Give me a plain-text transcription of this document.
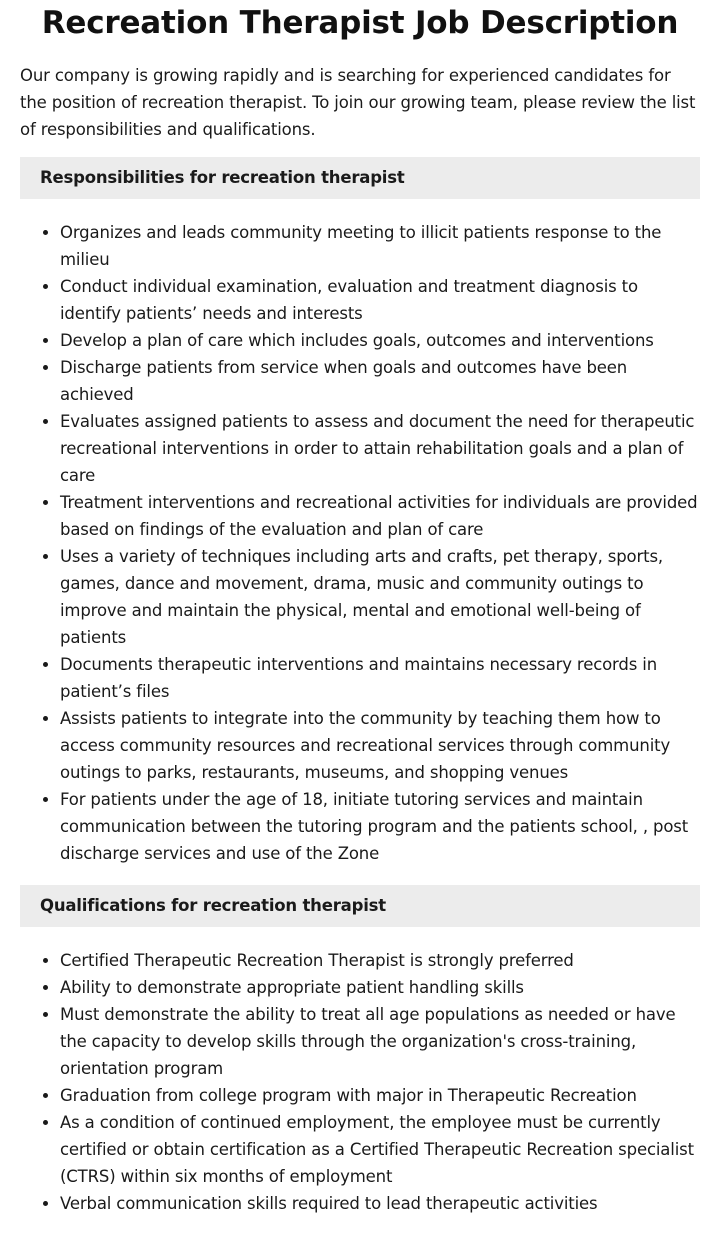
Recreation Therapist Job Description

Our company is growing rapidly and is searching for experienced candidates for the position of recreation therapist. To join our growing team, please review the list of responsibilities and qualifications.

Responsibilities for recreation therapist
• Organizes and leads community meeting to illicit patients response to the milieu
• Conduct individual examination, evaluation and treatment diagnosis to identify patients’ needs and interests
• Develop a plan of care which includes goals, outcomes and interventions
• Discharge patients from service when goals and outcomes have been achieved
• Evaluates assigned patients to assess and document the need for therapeutic recreational interventions in order to attain rehabilitation goals and a plan of care
• Treatment interventions and recreational activities for individuals are provided based on findings of the evaluation and plan of care
• Uses a variety of techniques including arts and crafts, pet therapy, sports, games, dance and movement, drama, music and community outings to improve and maintain the physical, mental and emotional well-being of patients
• Documents therapeutic interventions and maintains necessary records in patient’s files
• Assists patients to integrate into the community by teaching them how to access community resources and recreational services through community outings to parks, restaurants, museums, and shopping venues
• For patients under the age of 18, initiate tutoring services and maintain communication between the tutoring program and the patients school, , post discharge services and use of the Zone
Qualifications for recreation therapist
• Certified Therapeutic Recreation Therapist is strongly preferred
• Ability to demonstrate appropriate patient handling skills
• Must demonstrate the ability to treat all age populations as needed or have the capacity to develop skills through the organization's cross-training, orientation program
• Graduation from college program with major in Therapeutic Recreation
• As a condition of continued employment, the employee must be currently certified or obtain certification as a Certified Therapeutic Recreation specialist (CTRS) within six months of employment
• Verbal communication skills required to lead therapeutic activities
